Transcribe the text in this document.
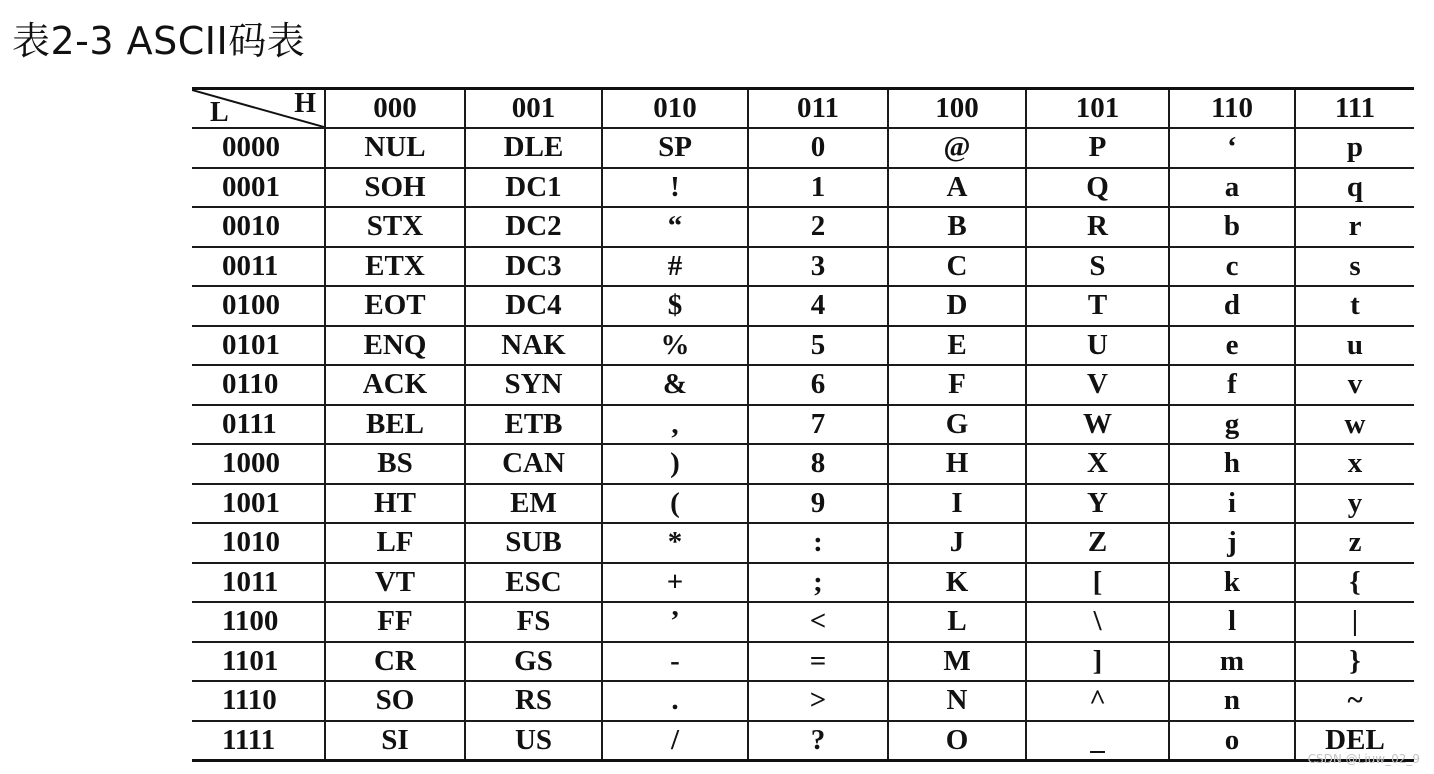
表2-3 ASCII码表
H
L	000	001	010	011	100	101	110	111
0000	NUL	DLE	SP	0	@	P	‘	p
0001	SOH	DC1	!	1	A	Q	a	q
0010	STX	DC2	“	2	B	R	b	r
0011	ETX	DC3	#	3	C	S	c	s
0100	EOT	DC4	$	4	D	T	d	t
0101	ENQ	NAK	%	5	E	U	e	u
0110	ACK	SYN	&	6	F	V	f	v
0111	BEL	ETB	,	7	G	W	g	w
1000	BS	CAN	)	8	H	X	h	x
1001	HT	EM	(	9	I	Y	i	y
1010	LF	SUB	*	:	J	Z	j	z
1011	VT	ESC	+	;	K	[	k	{
1100	FF	FS	’	<	L	\	l	|
1101	CR	GS	-	=	M	]	m	}
1110	SO	RS	.	>	N	^	n	~
1111	SI	US	/	?	O	_	o	DEL
CSDN @Liuw_02_9
